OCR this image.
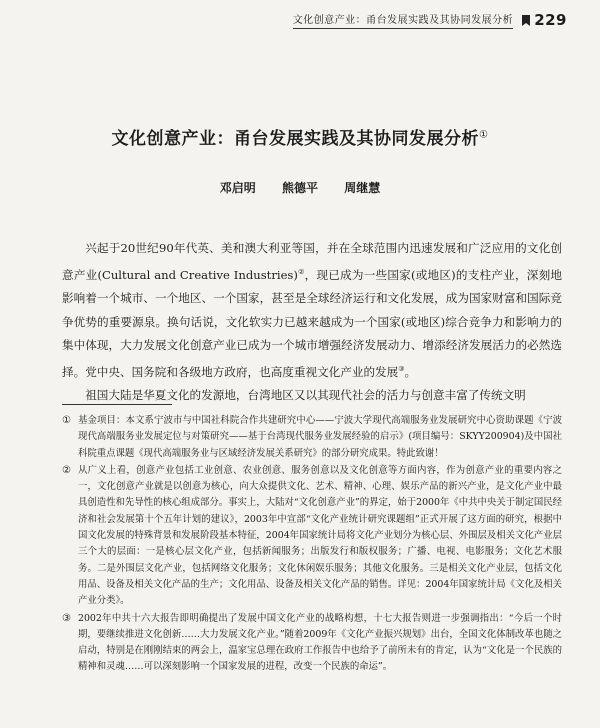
文化创意产业：甬台发展实践及其协同发展分析 229
文化创意产业：甬台发展实践及其协同发展分析①
邓启明 熊德平 周继慧

兴起于20世纪90年代英、美和澳大利亚等国，并在全球范围内迅速发展和广泛应用的文化创意产业(Cultural and Creative Industries)②，现已成为一些国家(或地区)的支柱产业，深刻地影响着一个城市、一个地区、一个国家，甚至是全球经济运行和文化发展，成为国家财富和国际竞争优势的重要源泉。换句话说，文化软实力已越来越成为一个国家(或地区)综合竞争力和影响力的集中体现，大力发展文化创意产业已成为一个城市增强经济发展动力、增添经济发展活力的必然选择。党中央、国务院和各级地方政府，也高度重视文化产业的发展③。

祖国大陆是华夏文化的发源地，台湾地区又以其现代社会的活力与创意丰富了传统文明

① 基金项目：本文系宁波市与中国社科院合作共建研究中心——宁波大学现代高端服务业发展研究中心资助课题《宁波现代高端服务业发展定位与对策研究——基于台湾现代服务业发展经验的启示》(项目编号：SKYY200904)及中国社科院重点课题《现代高端服务业与区域经济发展关系研究》的部分研究成果。特此致谢！
② 从广义上看，创意产业包括工业创意、农业创意、服务创意以及文化创意等方面内容，作为创意产业的重要内容之一，文化创意产业就是以创意为核心，向大众提供文化、艺术、精神、心理、娱乐产品的新兴产业，是文化产业中最具创造性和先导性的核心组成部分。事实上，大陆对“文化创意产业”的界定，始于2000年《中共中央关于制定国民经济和社会发展第十个五年计划的建议》，2003年中宣部“文化产业统计研究课题组”正式开展了这方面的研究，根据中国文化发展的特殊背景和发展阶段基本特征，2004年国家统计局将文化产业划分为核心层、外围层及相关文化产业层三个大的层面：一是核心层文化产业，包括新闻服务；出版发行和版权服务；广播、电视、电影服务；文化艺术服务。二是外围层文化产业，包括网络文化服务；文化休闲娱乐服务；其他文化服务。三是相关文化产业层，包括文化用品、设备及相关文化产品的生产；文化用品、设备及相关文化产品的销售。详见：2004年国家统计局《文化及相关产业分类》。
③ 2002年中共十六大报告即明确提出了发展中国文化产业的战略构想，十七大报告则进一步强调指出：“今后一个时期，要继续推进文化创新……大力发展文化产业。”随着2009年《文化产业振兴规划》出台，全国文化体制改革也随之启动，特别是在刚刚结束的两会上，温家宝总理在政府工作报告中也给予了前所未有的肯定，认为“文化是一个民族的精神和灵魂……可以深刻影响一个国家发展的进程，改变一个民族的命运”。
